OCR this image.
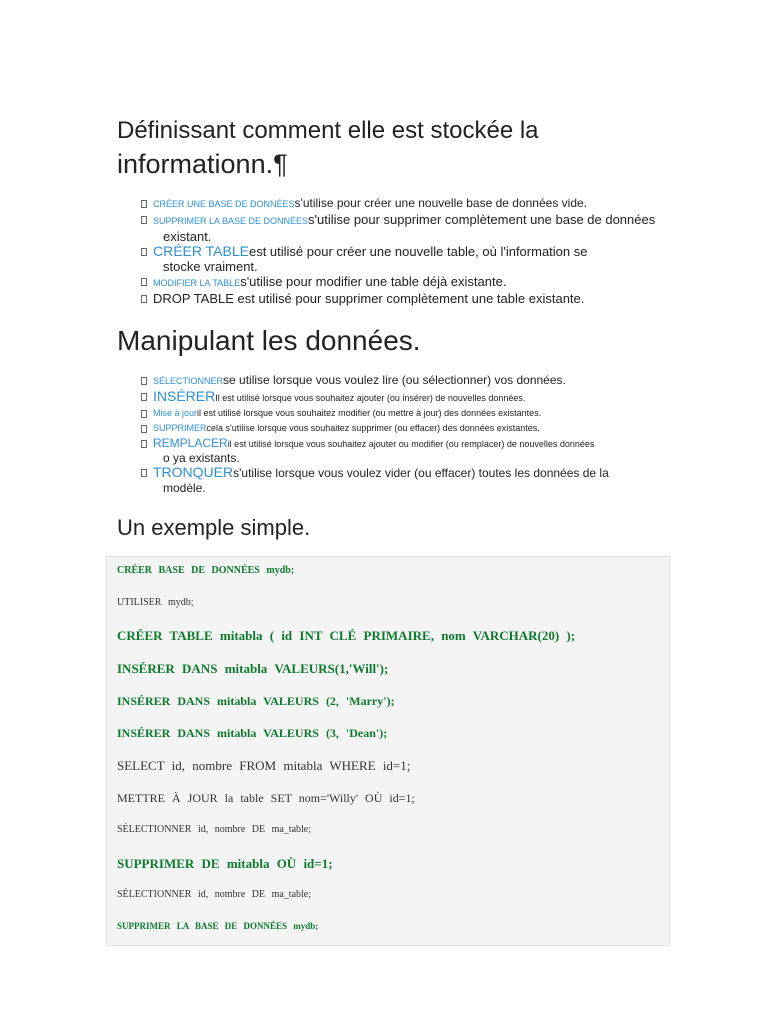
Définissant comment elle est stockée la
informationn.¶
CRÉER UNE BASE DE DONNÉESs'utilise pour créer une nouvelle base de données vide.
SUPPRIMER LA BASE DE DONNÉESs'utilise pour supprimer complètement une base de données
existant.
CRÉER TABLEest utilisé pour créer une nouvelle table, où l'information se
stocke vraiment.
MODIFIER LA TABLEs'utilise pour modifier une table déjà existante.
DROP TABLE est utilisé pour supprimer complètement une table existante.
Manipulant les données.
SÉLECTIONNERse utilise lorsque vous voulez lire (ou sélectionner) vos données.
INSÉRERIl est utilisé lorsque vous souhaitez ajouter (ou insérer) de nouvelles données.
Mise à jouril est utilisé lorsque vous souhaitez modifier (ou mettre à jour) des données existantes.
SUPPRIMERcela s'utilise lorsque vous souhaitez supprimer (ou effacer) des données existantes.
REMPLACERil est utilisé lorsque vous souhaitez ajouter ou modifier (ou remplacer) de nouvelles données
o ya existants.
TRONQUERs'utilise lorsque vous voulez vider (ou effacer) toutes les données de la
modèle.
Un exemple simple.
CRÉER BASE DE DONNÉES mydb;
UTILISER mydb;
CRÉER TABLE mitabla ( id INT CLÉ PRIMAIRE, nom VARCHAR(20) );
INSÉRER DANS mitabla VALEURS(1,'Will');
INSÉRER DANS mitabla VALEURS (2, 'Marry');
INSÉRER DANS mitabla VALEURS (3, 'Dean');
SELECT id, nombre FROM mitabla WHERE id=1;
METTRE À JOUR la table SET nom='Willy' OÙ id=1;
SÉLECTIONNER id, nombre DE ma_table;
SUPPRIMER DE mitabla OÙ id=1;
SÉLECTIONNER id, nombre DE ma_table;
SUPPRIMER LA BASE DE DONNÉES mydb;
